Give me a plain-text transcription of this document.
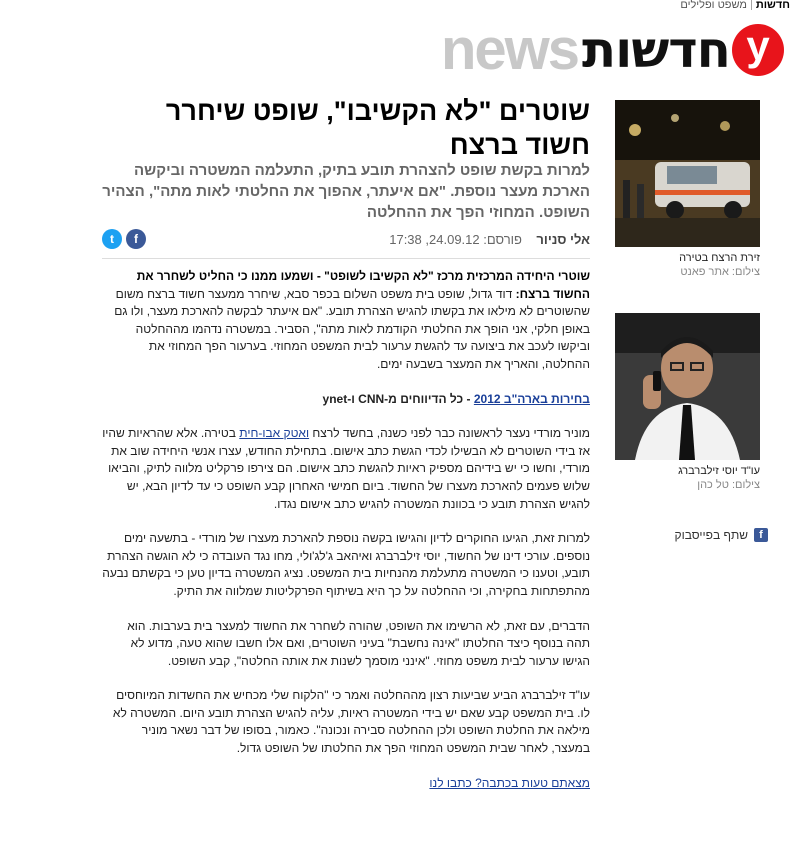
חדשות|משפט ופלילים
y
חדשות
news
זירת הרצח בטירה
צילום: אתר פאנט
עו"ד יוסי זילברברג
צילום: טל כהן
f
שתף בפייסבוק
שוטרים "לא הקשיבו", שופט שיחרר חשוד ברצח
למרות בקשת שופט להצהרת תובע בתיק, התעלמה המשטרה וביקשה הארכת מעצר נוספת. "אם איעתר, אהפוך את החלטתי לאות מתה", הצהיר השופט. המחוזי הפך את ההחלטה
אלי סניור    פורסם: 24.09.12, 17:38
t	f

שוטרי היחידה המרכזית מרכז "לא הקשיבו לשופט" - ושמעו ממנו כי החליט לשחרר את החשוד ברצח: דוד גדול, שופט בית משפט השלום בכפר סבא, שיחרר ממעצר חשוד ברצח משום שהשוטרים לא מילאו את בקשתו להגיש הצהרת תובע. "אם איעתר לבקשה להארכת מעצר, ולו גם באופן חלקי, אני הופך את החלטתי הקודמת לאות מתה", הסביר. במשטרה נדהמו מההחלטה וביקשו לעכב את ביצועה עד להגשת ערעור לבית המשפט המחוזי. בערעור הפך המחוזי את ההחלטה, והאריך את המעצר בשבעה ימים.

בחירות בארה"ב 2012 - כל הדיווחים מ-CNN ו-ynet

מוניר מורדי נעצר לראשונה כבר לפני כשנה, בחשד לרצח ואטק אבו-חית בטירה. אלא שהראיות שהיו אז בידי השוטרים לא הבשילו לכדי הגשת כתב אישום. בתחילת החודש, עצרו אנשי היחידה שוב את מורדי, וחשו כי יש בידיהם מספיק ראיות להגשת כתב אישום. הם צירפו פרקליט מלווה לתיק, והביאו שלוש פעמים להארכת מעצרו של החשוד. ביום חמישי האחרון קבע השופט כי עד לדיון הבא, יש להגיש הצהרת תובע כי בכוונת המשטרה להגיש כתב אישום נגדו.

למרות זאת, הגיעו החוקרים לדיון והגישו בקשה נוספת להארכת מעצרו של מורדי - בתשעה ימים נוספים. עורכי דינו של החשוד, יוסי זילברברג ואיהאב ג'לג'ולי, מחו נגד העובדה כי לא הוגשה הצהרת תובע, וטענו כי המשטרה מתעלמת מהנחיות בית המשפט. נציג המשטרה בדיון טען כי בקשתם נבעה מהתפתחות בחקירה, וכי ההחלטה על כך היא בשיתוף הפרקליטות שמלווה את התיק.

הדברים, עם זאת, לא הרשימו את השופט, שהורה לשחרר את החשוד למעצר בית בערבות. הוא תהה בנוסף כיצד החלטתו "אינה נחשבת" בעיני השוטרים, ואם אלו חשבו שהוא טעה, מדוע לא הגישו ערעור לבית משפט מחוזי. "אינני מוסמך לשנות את אותה החלטה", קבע השופט.

עו"ד זילברברג הביע שביעות רצון מההחלטה ואמר כי "הלקוח שלי מכחיש את החשדות המיוחסים לו. בית המשפט קבע שאם יש בידי המשטרה ראיות, עליה להגיש הצהרת תובע היום. המשטרה לא מילאה את החלטת השופט ולכן ההחלטה סבירה ונכונה". כאמור, בסופו של דבר נשאר מוניר במעצר, לאחר שבית המשפט המחוזי הפך את החלטתו של השופט גדול.

מצאתם טעות בכתבה? כתבו לנו
